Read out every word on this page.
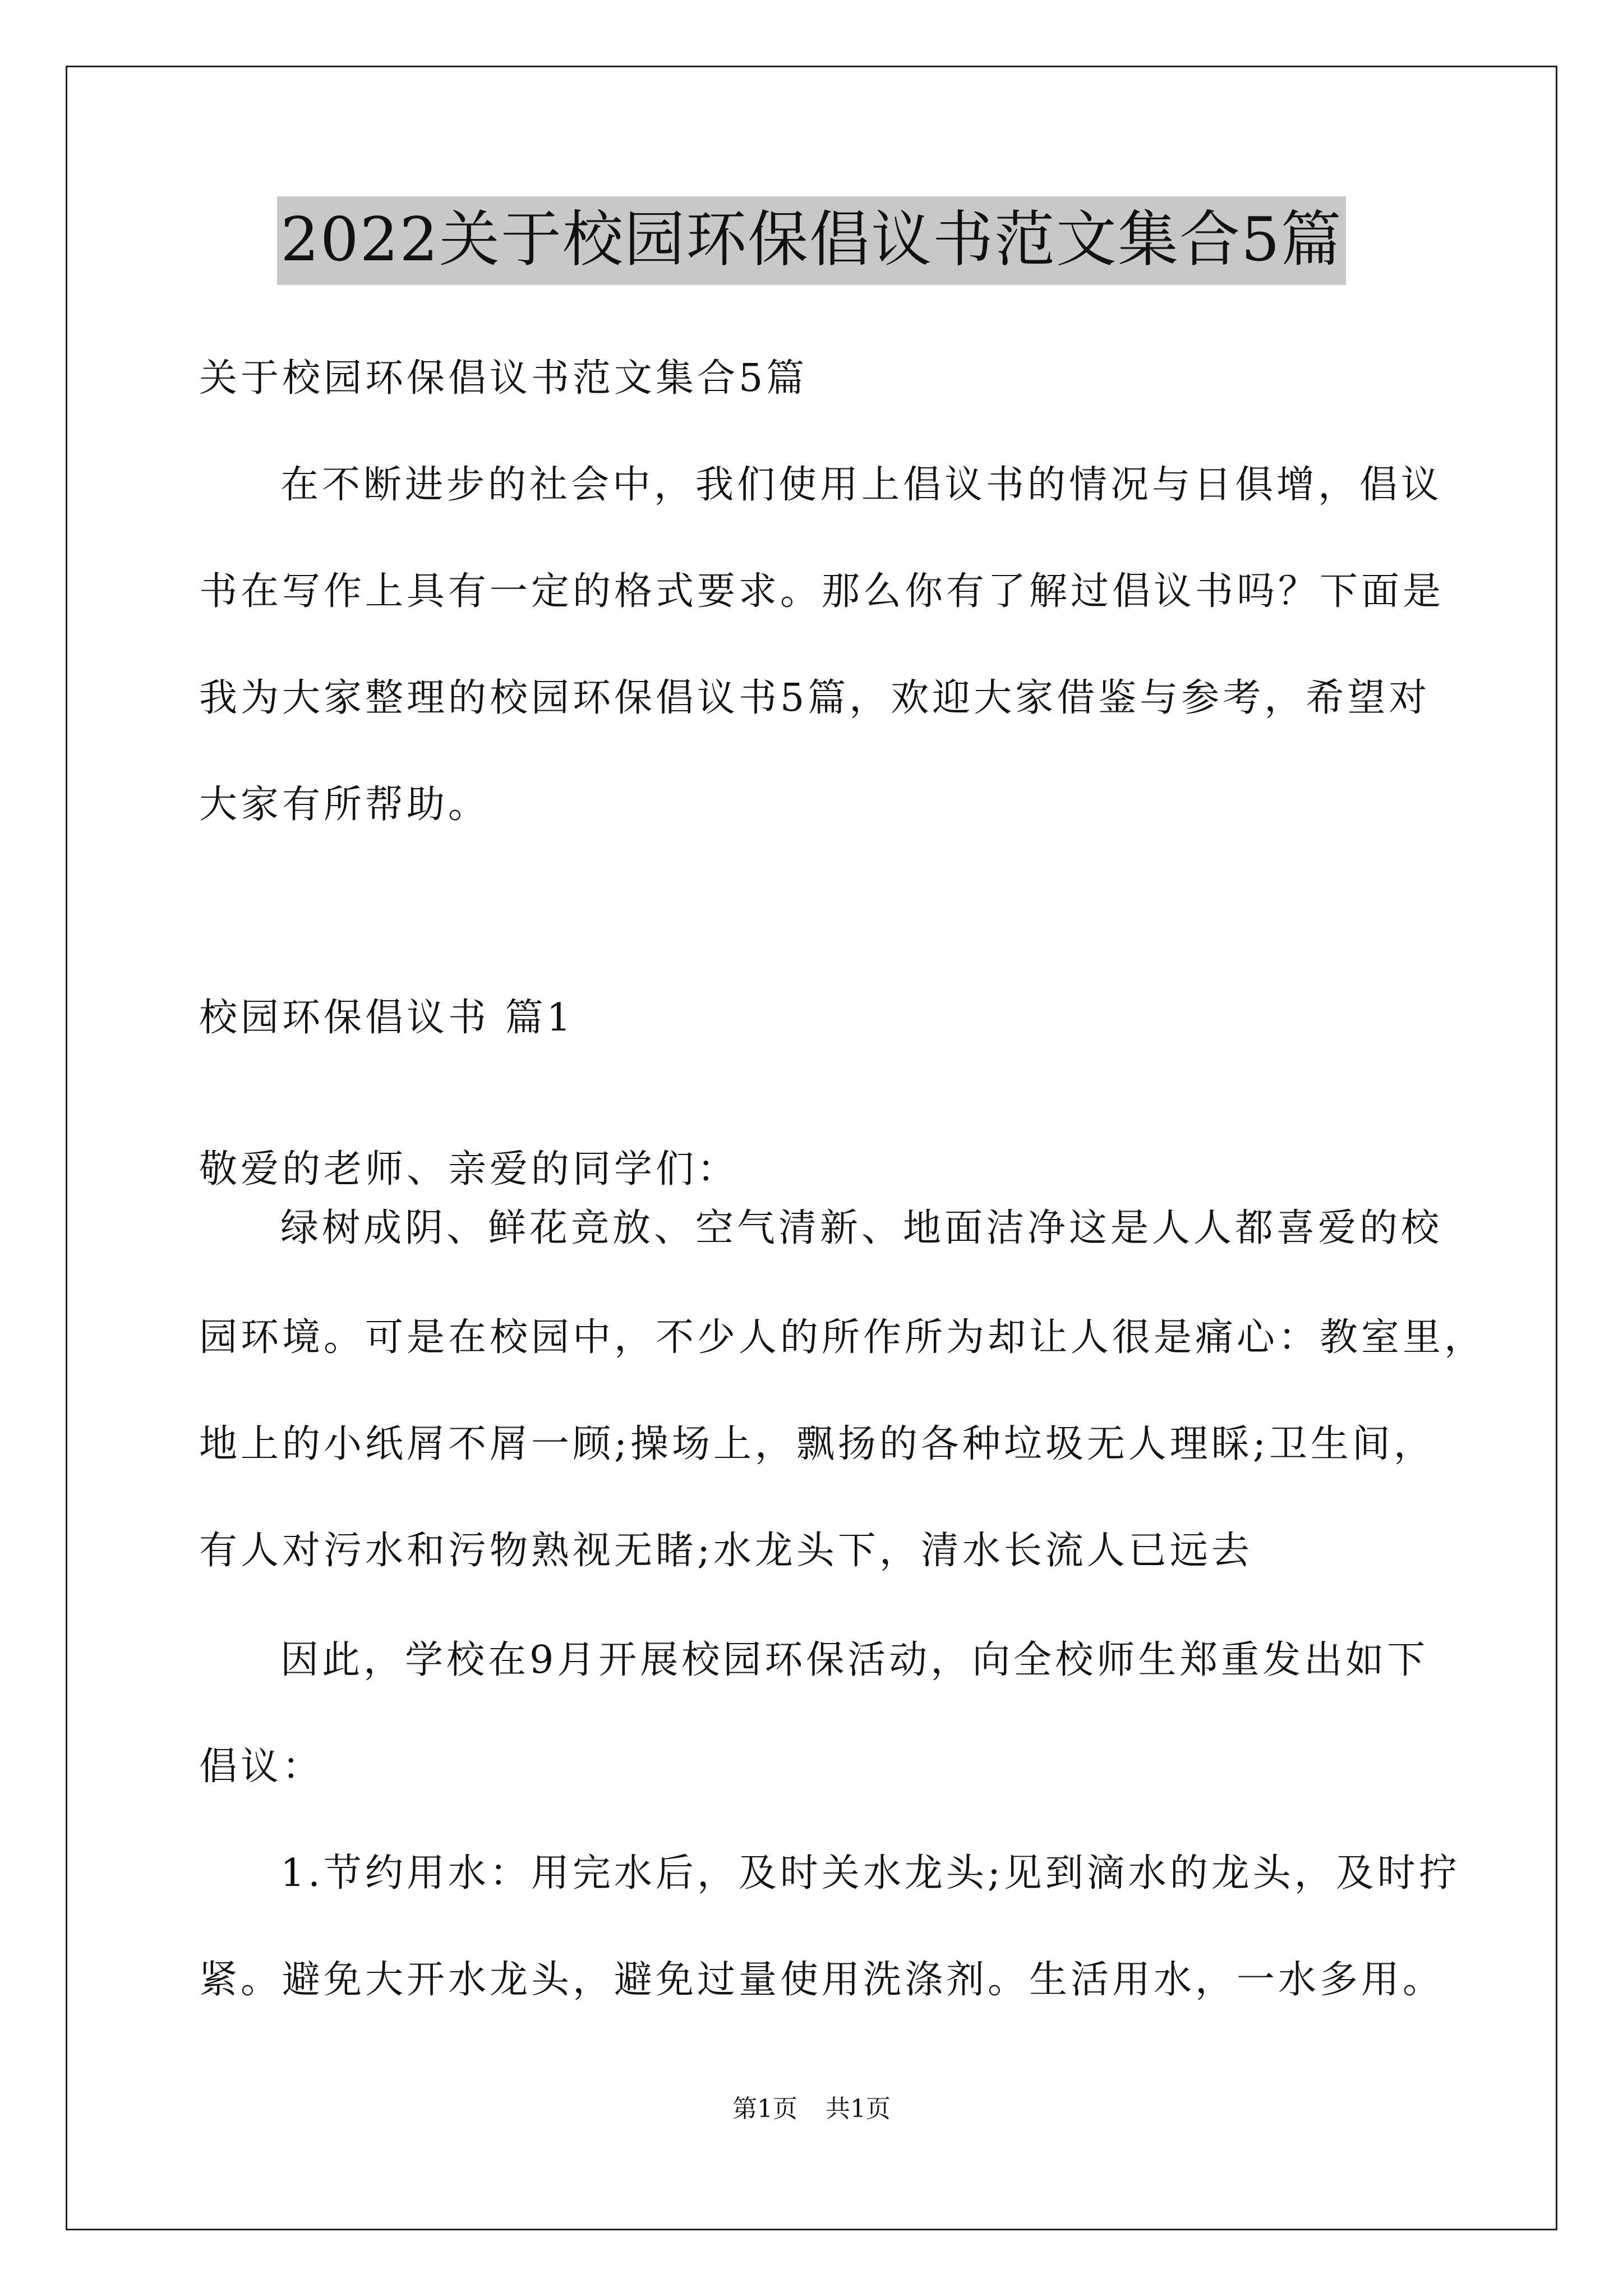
2022关于校园环保倡议书范文集合5篇
关于校园环保倡议书范文集合5篇
在不断进步的社会中，我们使用上倡议书的情况与日俱增，倡议
书在写作上具有一定的格式要求。那么你有了解过倡议书吗？下面是
我为大家整理的校园环保倡议书5篇，欢迎大家借鉴与参考，希望对
大家有所帮助。
校园环保倡议书 篇1
敬爱的老师、亲爱的同学们：
绿树成阴、鲜花竞放、空气清新、地面洁净这是人人都喜爱的校
园环境。可是在校园中，不少人的所作所为却让人很是痛心：教室里，
地上的小纸屑不屑一顾;操场上，飘扬的各种垃圾无人理睬;卫生间，
有人对污水和污物熟视无睹;水龙头下，清水长流人已远去
因此，学校在9月开展校园环保活动，向全校师生郑重发出如下
倡议：
1.节约用水：用完水后，及时关水龙头;见到滴水的龙头，及时拧
紧。避免大开水龙头，避免过量使用洗涤剂。生活用水，一水多用。
第1页 共1页
